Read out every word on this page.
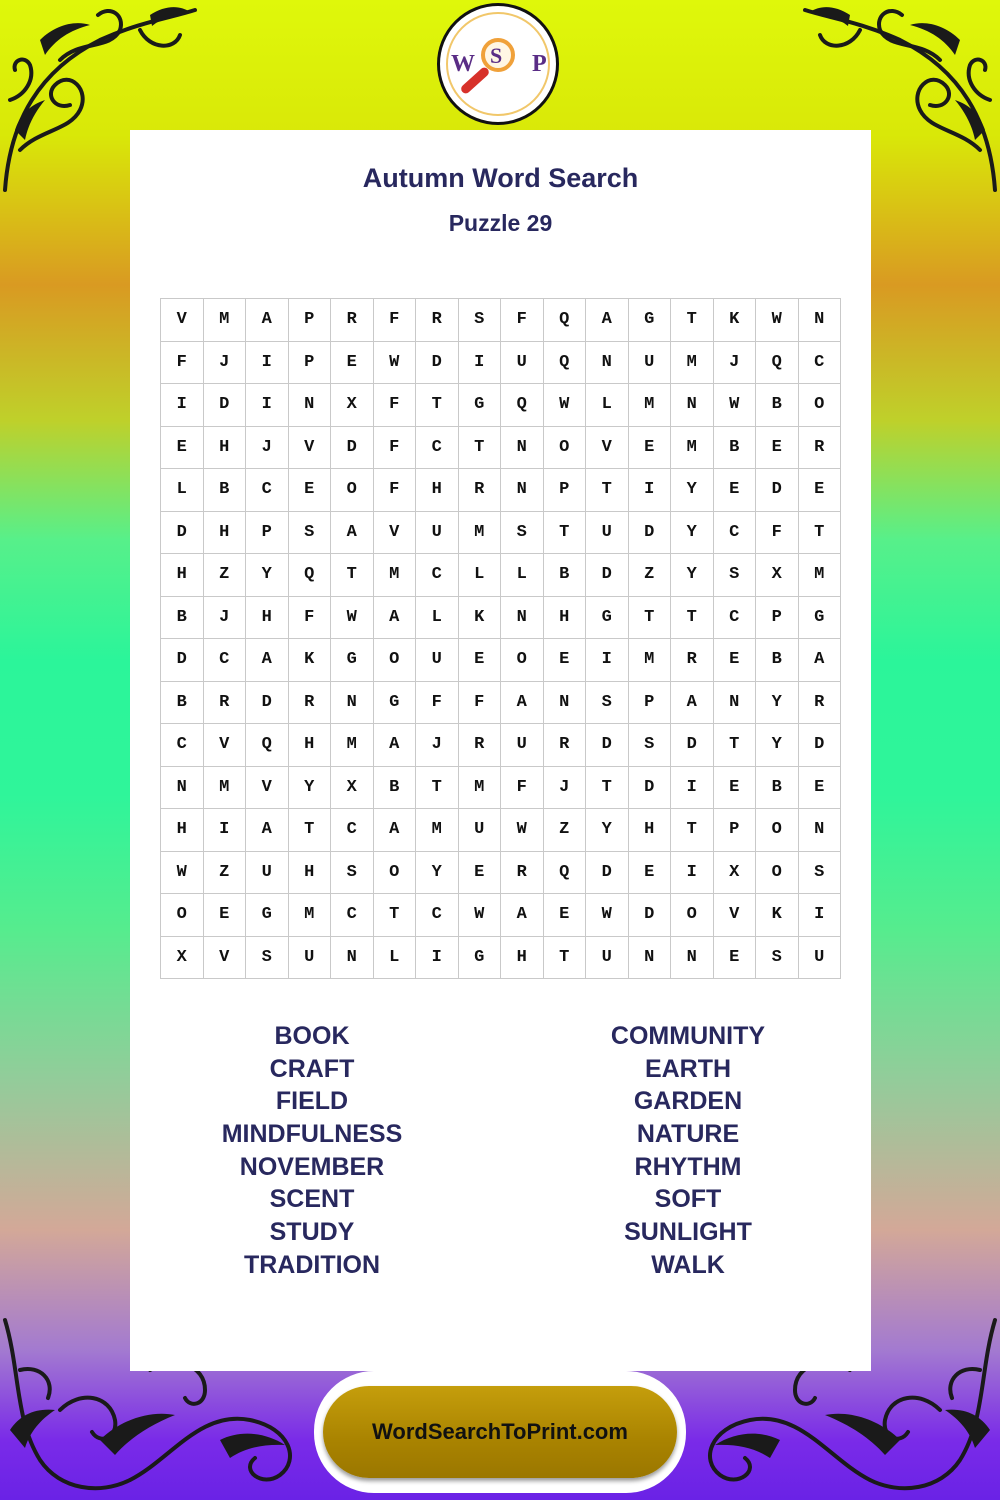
W S P
Autumn Word Search
Puzzle 29
V	M	A	P	R	F	R	S	F	Q	A	G	T	K	W	N
F	J	I	P	E	W	D	I	U	Q	N	U	M	J	Q	C
I	D	I	N	X	F	T	G	Q	W	L	M	N	W	B	O
E	H	J	V	D	F	C	T	N	O	V	E	M	B	E	R
L	B	C	E	O	F	H	R	N	P	T	I	Y	E	D	E
D	H	P	S	A	V	U	M	S	T	U	D	Y	C	F	T
H	Z	Y	Q	T	M	C	L	L	B	D	Z	Y	S	X	M
B	J	H	F	W	A	L	K	N	H	G	T	T	C	P	G
D	C	A	K	G	O	U	E	O	E	I	M	R	E	B	A
B	R	D	R	N	G	F	F	A	N	S	P	A	N	Y	R
C	V	Q	H	M	A	J	R	U	R	D	S	D	T	Y	D
N	M	V	Y	X	B	T	M	F	J	T	D	I	E	B	E
H	I	A	T	C	A	M	U	W	Z	Y	H	T	P	O	N
W	Z	U	H	S	O	Y	E	R	Q	D	E	I	X	O	S
O	E	G	M	C	T	C	W	A	E	W	D	O	V	K	I
X	V	S	U	N	L	I	G	H	T	U	N	N	E	S	U
BOOK
CRAFT
FIELD
MINDFULNESS
NOVEMBER
SCENT
STUDY
TRADITION
COMMUNITY
EARTH
GARDEN
NATURE
RHYTHM
SOFT
SUNLIGHT
WALK
WordSearchToPrint.com
